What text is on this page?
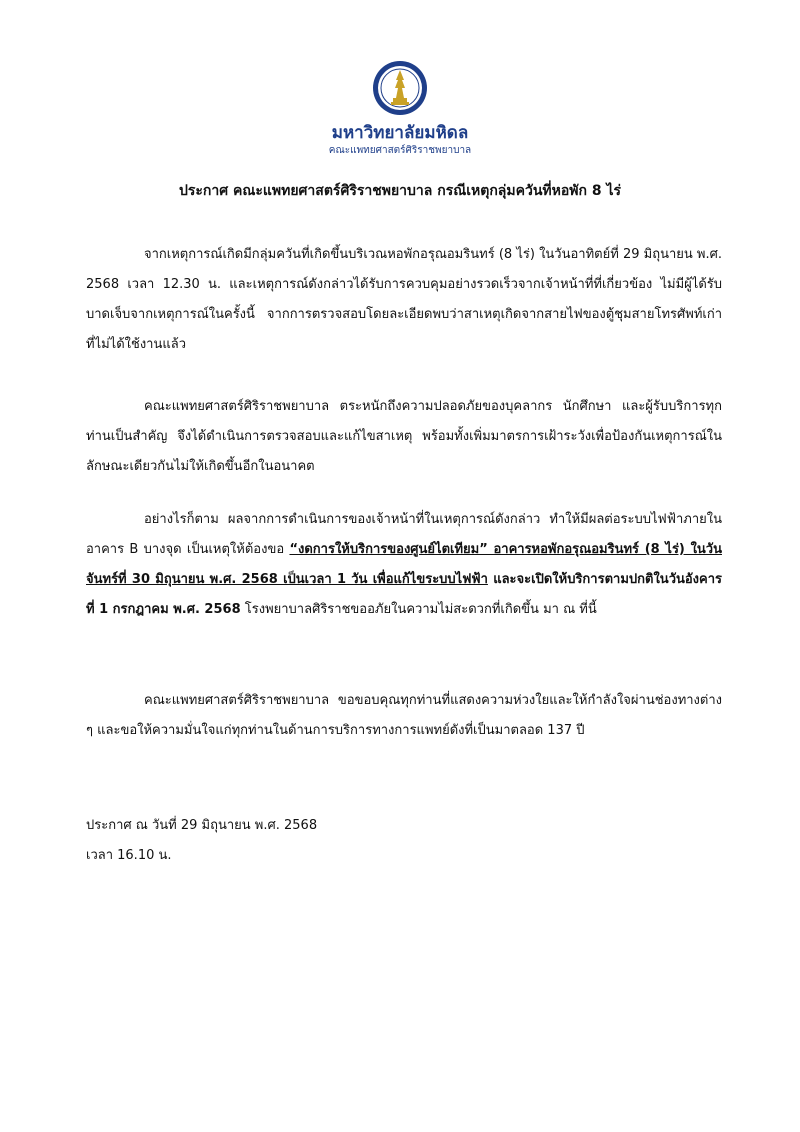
มหาวิทยาลัยมหิดล
คณะแพทยศาสตร์ศิริราชพยาบาล
ประกาศ คณะแพทยศาสตร์ศิริราชพยาบาล กรณีเหตุกลุ่มควันที่หอพัก 8 ไร่

จากเหตุการณ์เกิดมีกลุ่มควันที่เกิดขึ้นบริเวณหอพักอรุณอมรินทร์ (8 ไร่) ในวันอาทิตย์ที่ 29 มิถุนายน พ.ศ. 2568 เวลา 12.30 น. และเหตุการณ์ดังกล่าวได้รับการควบคุมอย่างรวดเร็วจากเจ้าหน้าที่ที่เกี่ยวข้อง ไม่มีผู้ได้รับบาดเจ็บจากเหตุการณ์ในครั้งนี้ จากการตรวจสอบโดยละเอียดพบว่าสาเหตุเกิดจากสายไฟของตู้ชุมสายโทรศัพท์เก่าที่ไม่ได้ใช้งานแล้ว

คณะแพทยศาสตร์ศิริราชพยาบาล ตระหนักถึงความปลอดภัยของบุคลากร นักศึกษา และผู้รับบริการทุกท่านเป็นสำคัญ จึงได้ดำเนินการตรวจสอบและแก้ไขสาเหตุ พร้อมทั้งเพิ่มมาตรการเฝ้าระวังเพื่อป้องกันเหตุการณ์ในลักษณะเดียวกันไม่ให้เกิดขึ้นอีกในอนาคต

อย่างไรก็ตาม ผลจากการดำเนินการของเจ้าหน้าที่ในเหตุการณ์ดังกล่าว ทำให้มีผลต่อระบบไฟฟ้าภายในอาคาร B บางจุด เป็นเหตุให้ต้องขอ “งดการให้บริการของศูนย์ไตเทียม” อาคารหอพักอรุณอมรินทร์ (8 ไร่) ในวันจันทร์ที่ 30 มิถุนายน พ.ศ. 2568 เป็นเวลา 1 วัน เพื่อแก้ไขระบบไฟฟ้า และจะเปิดให้บริการตามปกติในวันอังคารที่ 1 กรกฎาคม พ.ศ. 2568 โรงพยาบาลศิริราชขออภัยในความไม่สะดวกที่เกิดขึ้น มา ณ ที่นี้

คณะแพทยศาสตร์ศิริราชพยาบาล ขอขอบคุณทุกท่านที่แสดงความห่วงใยและให้กำลังใจผ่านช่องทางต่าง ๆ และขอให้ความมั่นใจแก่ทุกท่านในด้านการบริการทางการแพทย์ดังที่เป็นมาตลอด 137 ปี

ประกาศ ณ วันที่ 29 มิถุนายน พ.ศ. 2568
เวลา 16.10 น.
